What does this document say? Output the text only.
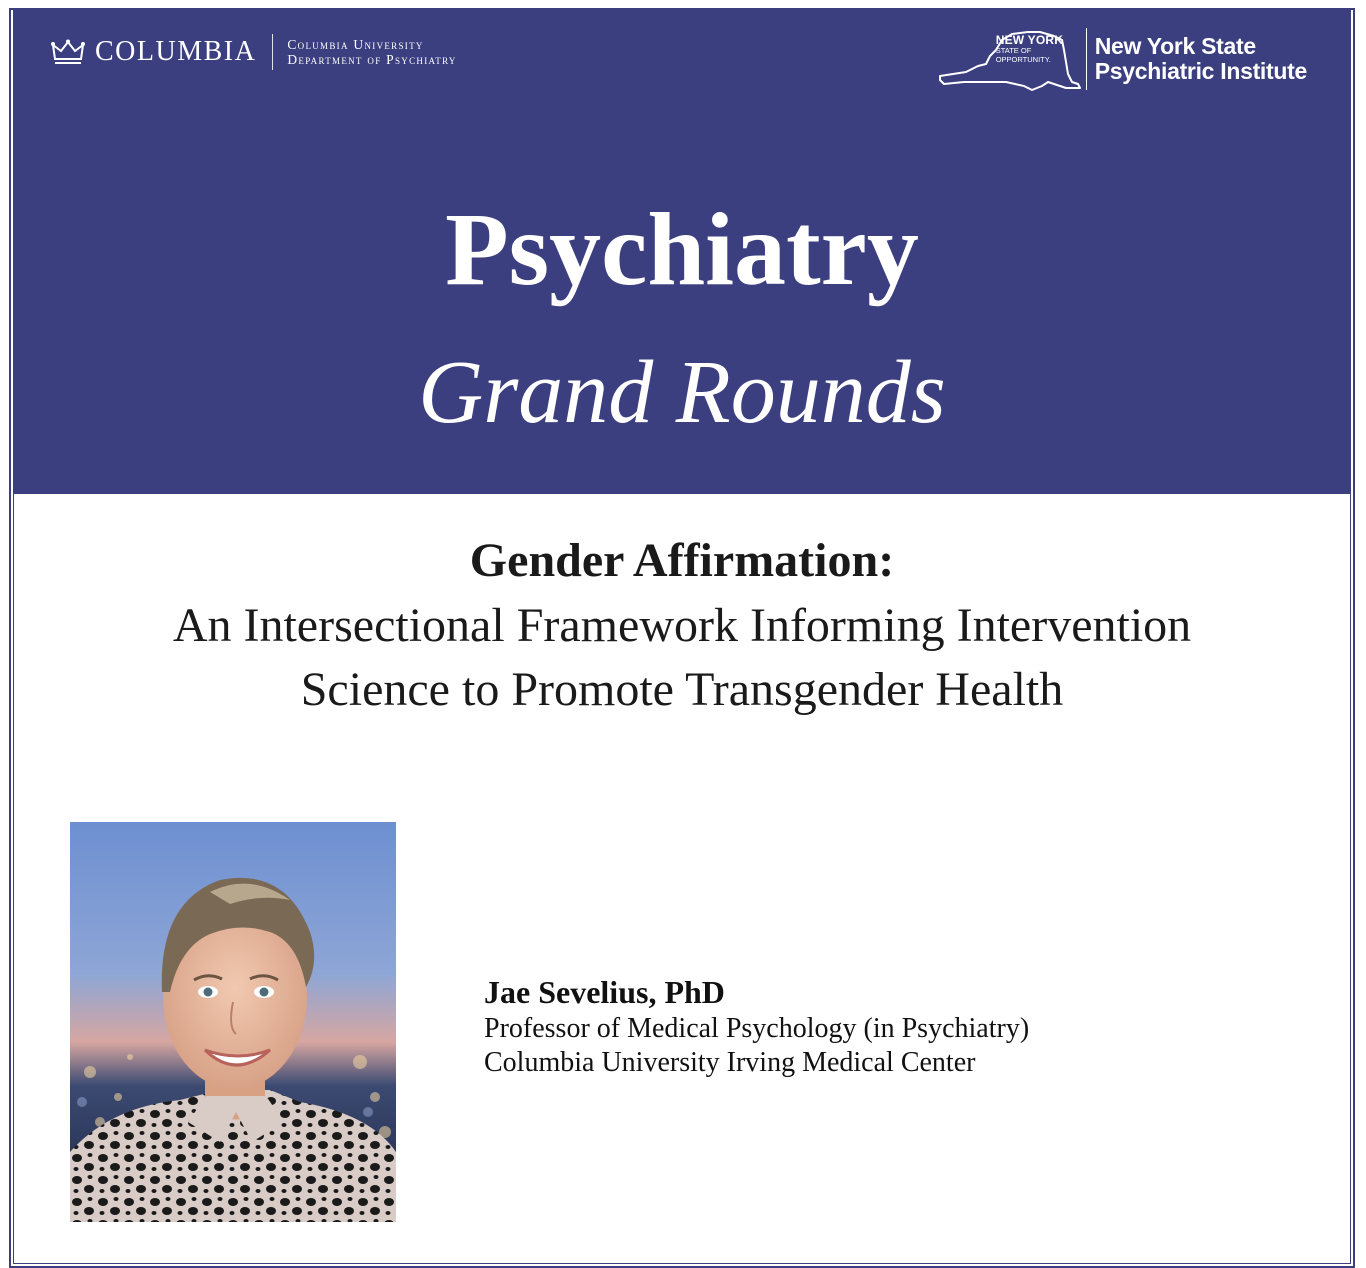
COLUMBIA Columbia University
Department of Psychiatry
NEW YORK
STATE OF
OPPORTUNITY.	New York State
Psychiatric Institute
Psychiatry
Grand Rounds
Gender Affirmation:
An Intersectional Framework Informing Intervention
Science to Promote Transgender Health
Jae Sevelius, PhD
Professor of Medical Psychology (in Psychiatry)
Columbia University Irving Medical Center
